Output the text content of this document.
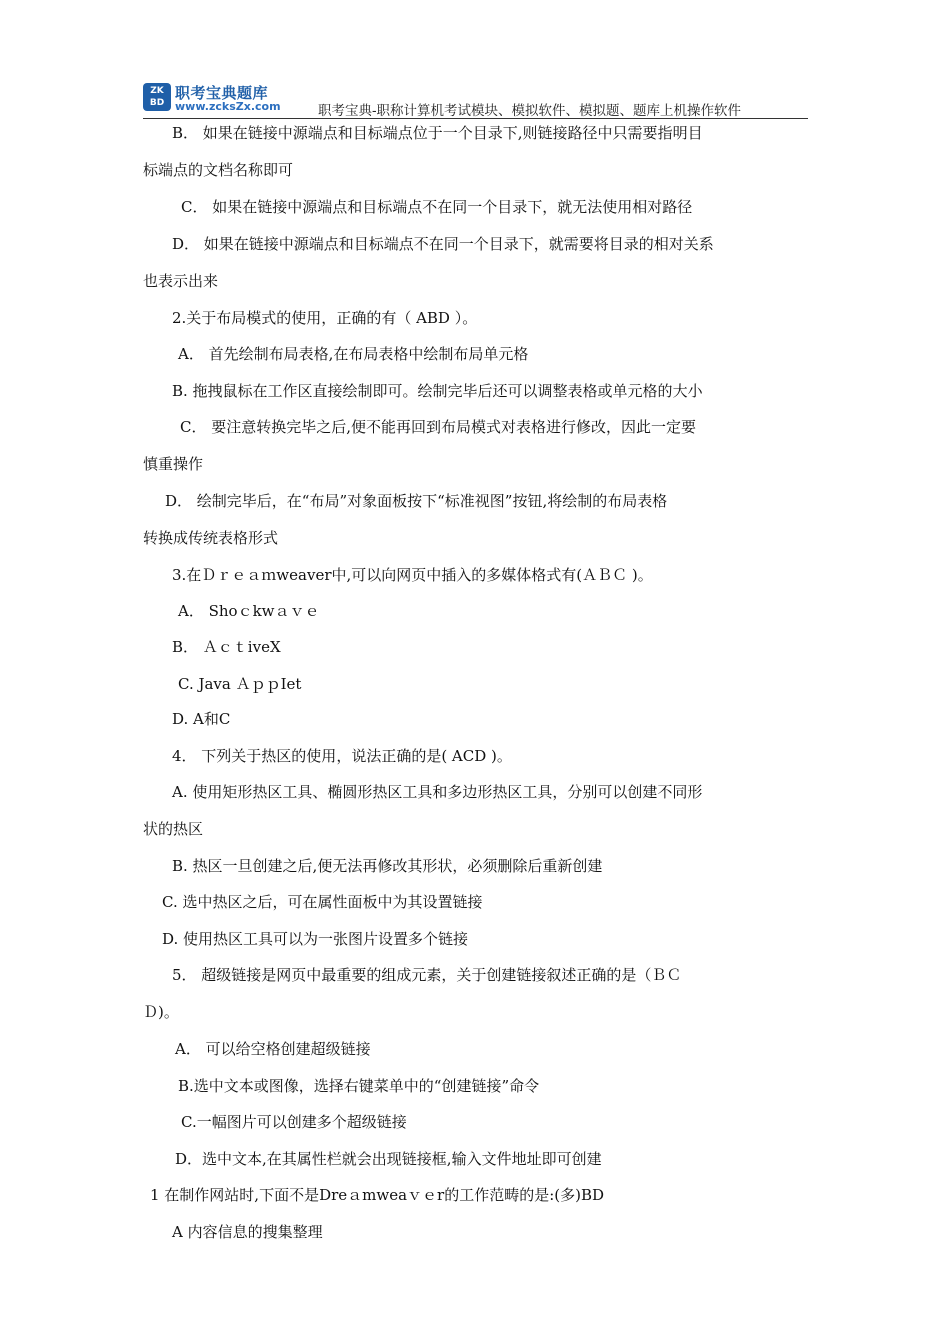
ZK BD
职考宝典题库
www.zcksZx.com	职考宝典-职称计算机考试模块、模拟软件、模拟题、题库上机操作软件
B． 如果在链接中源端点和目标端点位于一个目录下,则链接路径中只需要指明目
标端点的文档名称即可
C． 如果在链接中源端点和目标端点不在同一个目录下，就无法使用相对路径
D． 如果在链接中源端点和目标端点不在同一个目录下，就需要将目录的相对关系
也表示出来
2.关于布局模式的使用，正确的有（ ABD ）。
A． 首先绘制布局表格,在布局表格中绘制布局单元格
B. 拖拽鼠标在工作区直接绘制即可。绘制完毕后还可以调整表格或单元格的大小
C． 要注意转换完毕之后,便不能再回到布局模式对表格进行修改，因此一定要
慎重操作
D． 绘制完毕后，在“布局”对象面板按下“标准视图”按钮,将绘制的布局表格
转换成传统表格形式
3.在Ｄｒｅａｍweaver中,可以向网页中插入的多媒体格式有(ＡＢＣ )。
A． Shoｃkwａｖｅ
B． ＡｃｔiveX
C. Java ＡｐｐIet
D. A和C
4． 下列关于热区的使用，说法正确的是( ACD )。
A. 使用矩形热区工具、椭圆形热区工具和多边形热区工具，分别可以创建不同形
状的热区
B. 热区一旦创建之后,便无法再修改其形状，必须删除后重新创建
C. 选中热区之后，可在属性面板中为其设置链接
D. 使用热区工具可以为一张图片设置多个链接
5． 超级链接是网页中最重要的组成元素，关于创建链接叙述正确的是（ＢＣ
Ｄ)。
A． 可以给空格创建超级链接
B.选中文本或图像，选择右键菜单中的“创建链接”命令
C.一幅图片可以创建多个超级链接
D．选中文本,在其属性栏就会出现链接框,输入文件地址即可创建
1 在制作网站时,下面不是Dreａmweaｖｅr的工作范畴的是:(多)BD
A 内容信息的搜集整理
